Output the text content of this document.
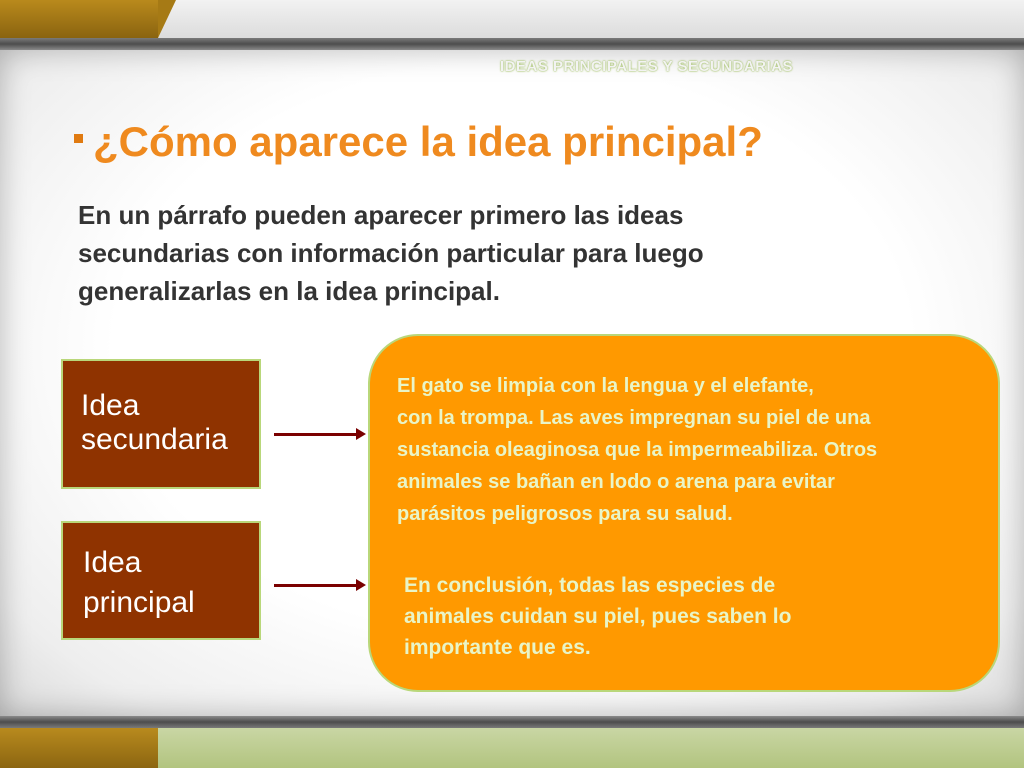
IDEAS PRINCIPALES Y SECUNDARIAS
¿Cómo aparece la idea principal?

En un párrafo pueden aparecer primero las ideas
secundarias con información particular para luego
generalizarlas en la idea principal.

Idea
secundaria
Idea
principal

El gato se limpia con la lengua y el elefante,
con la trompa. Las aves impregnan su piel de una
sustancia oleaginosa que la impermeabiliza. Otros
animales se bañan en lodo o arena para evitar
parásitos peligrosos para su salud.

En conclusión, todas las especies de
animales cuidan su piel, pues saben lo
importante que es.
